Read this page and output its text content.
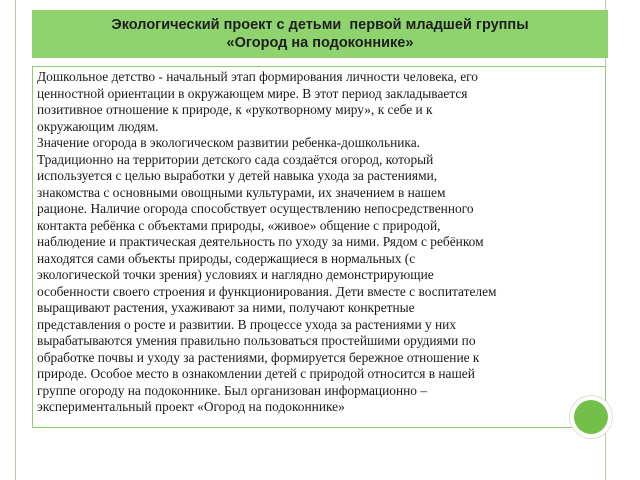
Экологический проект с детьми  первой младшей группы
«Огород на подоконнике»

Дошкольное детство - начальный этап формирования личности человека, его
ценностной ориентации в окружающем мире. В этот период закладывается
позитивное отношение к природе, к «рукотворному миру», к себе и к
окружающим людям.

Значение огорода в экологическом развитии ребенка-дошкольника.

Традиционно на территории детского сада создаётся огород, который
используется с целью выработки у детей навыка ухода за растениями,
знакомства с основными овощными культурами, их значением в нашем
рационе. Наличие огорода способствует осуществлению непосредственного
контакта ребёнка с объектами природы, «живое» общение с природой,
наблюдение и практическая деятельность по уходу за ними. Рядом с ребёнком
находятся сами объекты природы, содержащиеся в нормальных (с
экологической точки зрения) условиях и наглядно демонстрирующие
особенности своего строения и функционирования. Дети вместе с воспитателем
выращивают растения, ухаживают за ними, получают конкретные
представления о росте и развитии. В процессе ухода за растениями у них
вырабатываются умения правильно пользоваться простейшими орудиями по
обработке почвы и уходу за растениями, формируется бережное отношение к
природе. Особое место в ознакомлении детей с природой относится в нашей
группе огороду на подоконнике. Был организован информационно –
экспериментальный проект «Огород на подоконнике»
